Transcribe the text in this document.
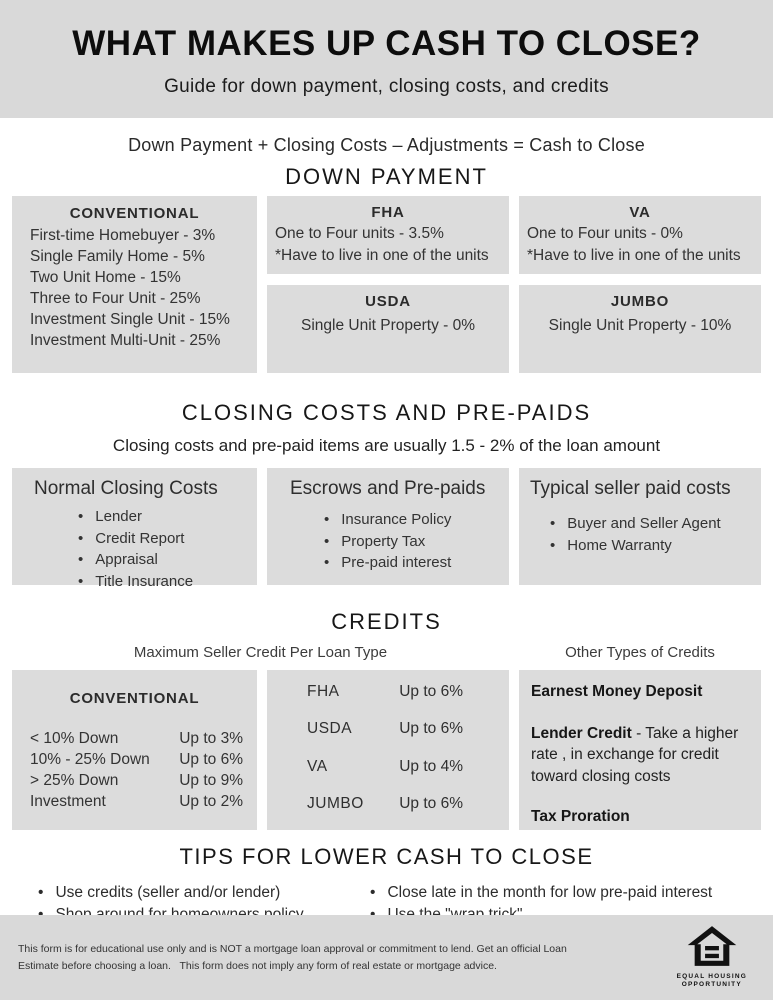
WHAT MAKES UP CASH TO CLOSE?
Guide for down payment, closing costs, and credits
Down Payment + Closing Costs – Adjustments = Cash to Close
DOWN PAYMENT
CONVENTIONAL
First-time Homebuyer - 3%
Single Family Home - 5%
Two Unit Home - 15%
Three to Four Unit - 25%
Investment Single Unit - 15%
Investment Multi-Unit - 25%
FHA
One to Four units - 3.5%
*Have to live in one of the units
VA
One to Four units - 0%
*Have to live in one of the units
USDA
Single Unit Property - 0%
JUMBO
Single Unit Property - 10%
CLOSING COSTS AND PRE-PAIDS
Closing costs and pre-paid items are usually 1.5 - 2% of the loan amount
Normal Closing Costs
• Lender
• Credit Report
• Appraisal
• Title Insurance
Escrows and Pre-paids
• Insurance Policy
• Property Tax
• Pre-paid interest
Typical seller paid costs
• Buyer and Seller Agent
• Home Warranty
CREDITS
Maximum Seller Credit Per Loan Type	Other Types of Credits
CONVENTIONAL
< 10% Down	Up to 3%
10% - 25% Down Up to 6%
> 25% Down	Up to 9%
Investment	Up to 2%
FHA	Up to 6%
USDA	Up to 6%
VA	Up to 4%
JUMBO Up to 6%

Earnest Money Deposit

Lender Credit - Take a higher rate , in exchange for credit toward closing costs

Tax Proration

TIPS FOR LOWER CASH TO CLOSE
• Use credits (seller and/or lender)
•	• Close late in the month for low pre-paid interest
•
This form is for educational use only and is NOT a mortgage loan approval or commitment to lend. Get an official Loan Estimate before choosing a loan.   This form does not imply any form of real estate or mortgage advice.
EQUAL HOUSING
OPPORTUNITY
